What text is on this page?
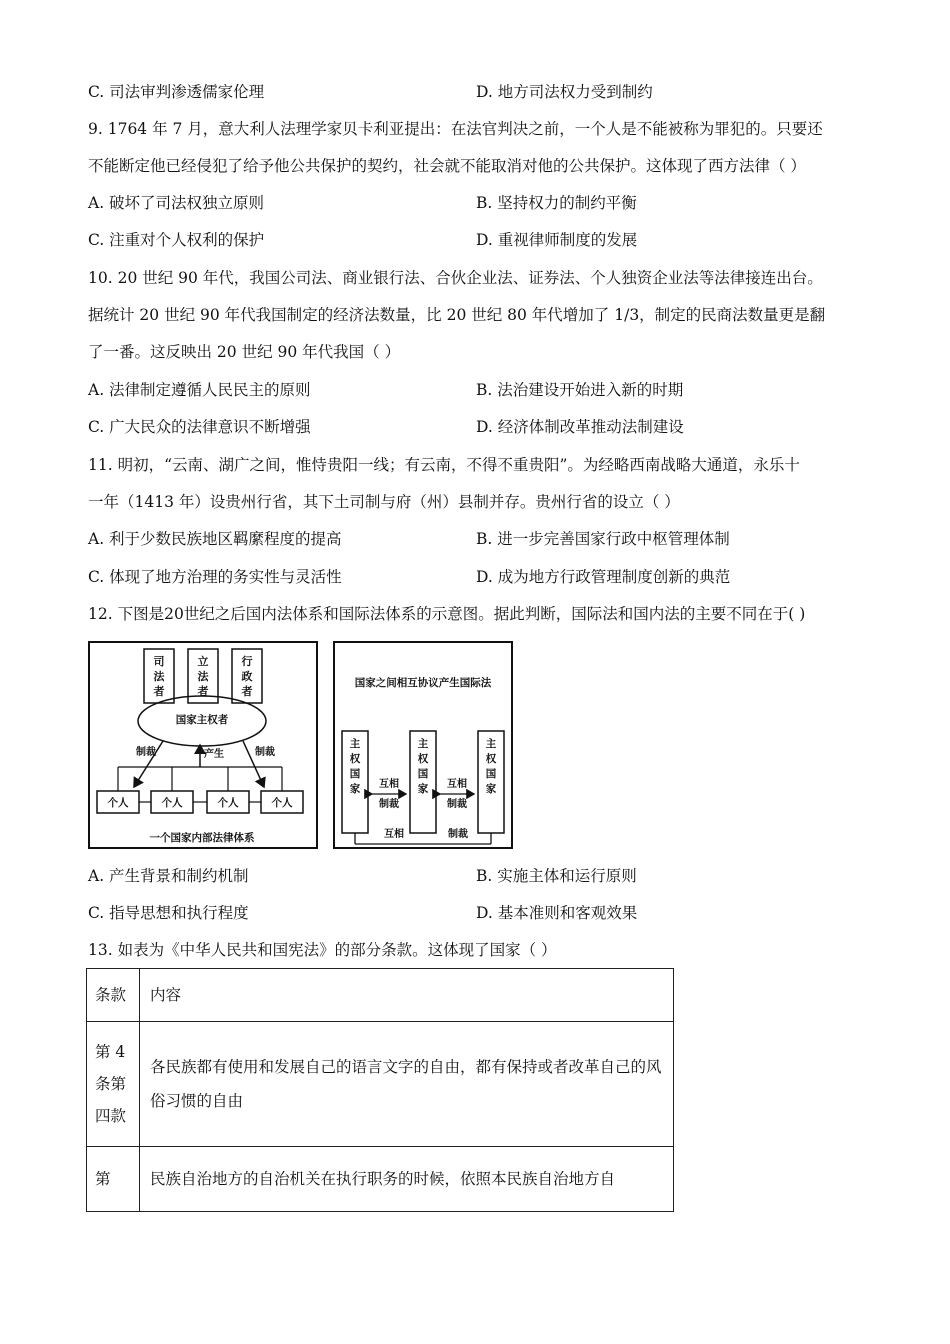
C. 司法审判渗透儒家伦理	D. 地方司法权力受到制约
9. 1764 年 7 月，意大利人法理学家贝卡利亚提出：在法官判决之前，一个人是不能被称为罪犯的。只要还
不能断定他已经侵犯了给予他公共保护的契约，社会就不能取消对他的公共保护。这体现了西方法律（ ）
A. 破坏了司法权独立原则	B. 坚持权力的制约平衡
C. 注重对个人权利的保护	D. 重视律师制度的发展
10. 20 世纪 90 年代，我国公司法、商业银行法、合伙企业法、证券法、个人独资企业法等法律接连出台。
据统计 20 世纪 90 年代我国制定的经济法数量，比 20 世纪 80 年代增加了 1/3，制定的民商法数量更是翻
了一番。这反映出 20 世纪 90 年代我国（ ）
A. 法律制定遵循人民民主的原则	B. 法治建设开始进入新的时期
C. 广大民众的法律意识不断增强	D. 经济体制改革推动法制建设
11. 明初，“云南、湖广之间，惟恃贵阳一线；有云南，不得不重贵阳”。为经略西南战略大通道，永乐十
一年（1413 年）设贵州行省，其下土司制与府（州）县制并存。贵州行省的设立（ ）
A. 利于少数民族地区羁縻程度的提高	B. 进一步完善国家行政中枢管理体制
C. 体现了地方治理的务实性与灵活性	D. 成为地方行政管理制度创新的典范
12. 下图是20世纪之后国内法体系和国际法体系的示意图。据此判断，国际法和国内法的主要不同在于( )
司
法
者
立
法
者
行
政
者
国家主权者
制裁	制裁
产生
个人	个人	个人	个人
一个国家内部法律体系
国家之间相互协议产生国际法
主
权
国
家
主
权
国
家
主
权
国
家
互相
制裁
互相
制裁
互相	制裁
A. 产生背景和制约机制	B. 实施主体和运行原则
C. 指导思想和执行程度	D. 基本准则和客观效果
13. 如表为《中华人民共和国宪法》的部分条款。这体现了国家（ ）
条款	内容
第 4 条第四款	各民族都有使用和发展自己的语言文字的自由，都有保持或者改革自己的风俗习惯的自由
第	民族自治地方的自治机关在执行职务的时候，依照本民族自治地方自
